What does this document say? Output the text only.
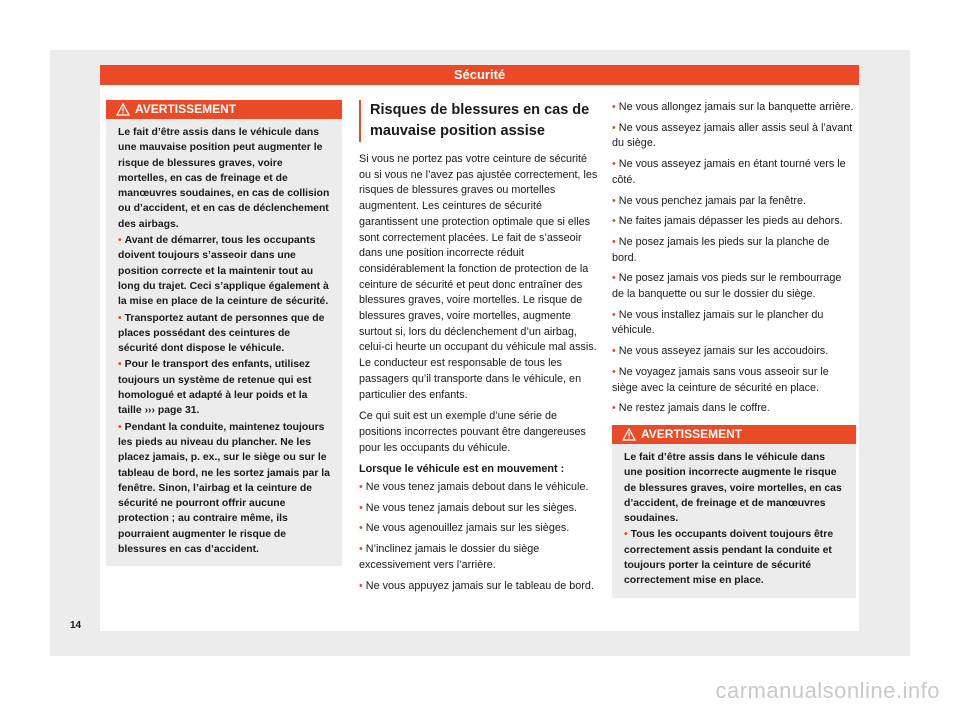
Sécurité
AVERTISSEMENT

Le fait d’être assis dans le véhicule dans une mauvaise position peut augmenter le risque de blessures graves, voire mortelles, en cas de freinage et de manœuvres soudaines, en cas de collision ou d’accident, et en cas de déclenchement des airbags.

• Avant de démarrer, tous les occupants doivent toujours s’asseoir dans une position correcte et la maintenir tout au long du trajet. Ceci s’applique également à la mise en place de la ceinture de sécurité.

• Transportez autant de personnes que de places possédant des ceintures de sécurité dont dispose le véhicule.

• Pour le transport des enfants, utilisez toujours un système de retenue qui est homologué et adapté à leur poids et la taille ››› page 31.

• Pendant la conduite, maintenez toujours les pieds au niveau du plancher. Ne les placez jamais, p. ex., sur le siège ou sur le tableau de bord, ne les sortez jamais par la fenêtre. Sinon, l’airbag et la ceinture de sécurité ne pourront offrir aucune protection ; au contraire même, ils pourraient augmenter le risque de blessures en cas d’accident.

Risques de blessures en cas de mauvaise position assise

Si vous ne portez pas votre ceinture de sécurité ou si vous ne l’avez pas ajustée correctement, les risques de blessures graves ou mortelles augmentent. Les ceintures de sécurité garantissent une protection optimale que si elles sont correctement placées. Le fait de s’asseoir dans une position incorrecte réduit considérablement la fonction de protection de la ceinture de sécurité et peut donc entraîner des blessures graves, voire mortelles. Le risque de blessures graves, voire mortelles, augmente surtout si, lors du déclenchement d’un airbag, celui-ci heurte un occupant du véhicule mal assis. Le conducteur est responsable de tous les passagers qu’il transporte dans le véhicule, en particulier des enfants.

Ce qui suit est un exemple d’une série de positions incorrectes pouvant être dangereuses pour les occupants du véhicule.

Lorsque le véhicule est en mouvement :
• Ne vous tenez jamais debout dans le véhicule.
• Ne vous tenez jamais debout sur les sièges.
• Ne vous agenouillez jamais sur les sièges.
• N’inclinez jamais le dossier du siège excessivement vers l’arrière.
• Ne vous appuyez jamais sur le tableau de bord.
• Ne vous allongez jamais sur la banquette arrière.
• Ne vous asseyez jamais aller assis seul à l’avant du siège.
• Ne vous asseyez jamais en étant tourné vers le côté.
• Ne vous penchez jamais par la fenêtre.
• Ne faites jamais dépasser les pieds au dehors.
• Ne posez jamais les pieds sur la planche de bord.
• Ne posez jamais vos pieds sur le rembourrage de la banquette ou sur le dossier du siège.
• Ne vous installez jamais sur le plancher du véhicule.
• Ne vous asseyez jamais sur les accoudoirs.
• Ne voyagez jamais sans vous asseoir sur le siège avec la ceinture de sécurité en place.
• Ne restez jamais dans le coffre.
AVERTISSEMENT

Le fait d’être assis dans le véhicule dans une position incorrecte augmente le risque de blessures graves, voire mortelles, en cas d’accident, de freinage et de manœuvres soudaines.

• Tous les occupants doivent toujours être correctement assis pendant la conduite et toujours porter la ceinture de sécurité correctement mise en place.

14
carmanualsonline.info
